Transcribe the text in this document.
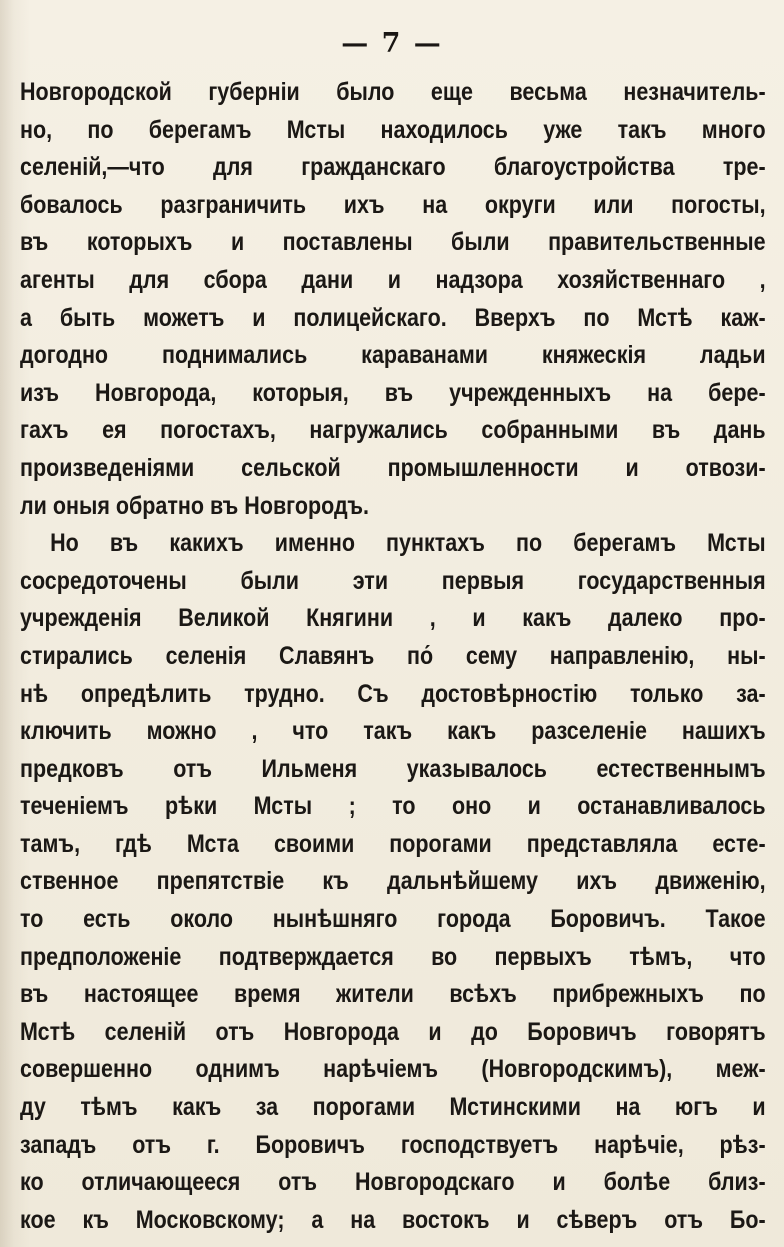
— 7 —
Новгородской губерніи было еще весьма незначитель-
но, по берегамъ Мсты находилось уже такъ много
селеній,—что для гражданскаго благоустройства тре-
бовалось разграничить ихъ на округи или погосты,
въ которыхъ и поставлены были правительственные
агенты для сбора дани и надзора хозяйственнаго ,
а быть можетъ и полицейскаго. Вверхъ по Мстѣ каж-
догодно поднимались караванами княжескія ладьи
изъ Новгорода, которыя, въ учрежденныхъ на бере-
гахъ ея погостахъ, нагружались собранными въ дань
произведеніями сельской промышленности и отвози-
ли оныя обратно въ Новгородъ.
Но въ какихъ именно пунктахъ по берегамъ Мсты
сосредоточены были эти первыя государственныя
учрежденія Великой Княгини , и какъ далеко про-
стирались селенія Славянъ по́ сему направленію, ны-
нѣ опредѣлить трудно. Съ достовѣрностію только за-
ключить можно , что такъ какъ разселеніе нашихъ
предковъ отъ Ильменя указывалось естественнымъ
теченіемъ рѣки Мсты ; то оно и останавливалось
тамъ, гдѣ Мста своими порогами представляла есте-
ственное препятствіе къ дальнѣйшему ихъ движенію,
то есть около нынѣшняго города Боровичъ. Такое
предположеніе подтверждается во первыхъ тѣмъ, что
въ настоящее время жители всѣхъ прибрежныхъ по
Мстѣ селеній отъ Новгорода и до Боровичъ говорятъ
совершенно однимъ нарѣчіемъ (Новгородскимъ), меж-
ду тѣмъ какъ за порогами Мстинскими на югъ и
западъ отъ г. Боровичъ господствуетъ нарѣчіе, рѣз-
ко отличающееся отъ Новгородскаго и болѣе близ-
кое къ Московскому; а на востокъ и сѣверъ отъ Бо-
